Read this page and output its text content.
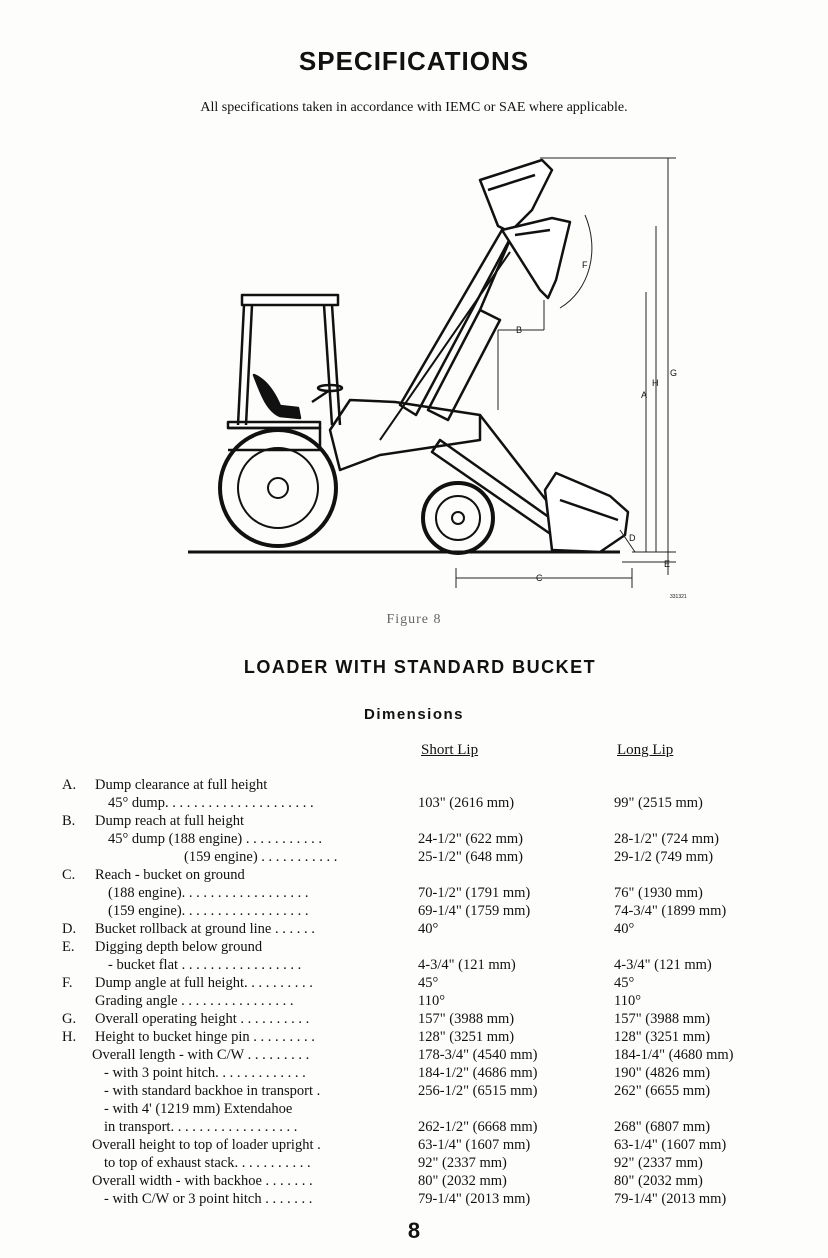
SPECIFICATIONS
All specifications taken in accordance with IEMC or SAE where applicable.
A
B
C
D
E
F
G
H
331321
Figure 8
LOADER WITH STANDARD BUCKET
Dimensions
Short Lip	Long Lip
A. Dump clearance at full height
45° dump. . . . . . . . . . . . . . . . . . . . .	103" (2616 mm)	99" (2515 mm)
B. Dump reach at full height
45° dump (188 engine) . . . . . . . . . . .	24-1/2" (622 mm)	28-1/2" (724 mm)
(159 engine) . . . . . . . . . . .	25-1/2" (648 mm)	29-1/2 (749 mm)
C. Reach - bucket on ground
(188 engine). . . . . . . . . . . . . . . . . .	70-1/2" (1791 mm)	76" (1930 mm)
(159 engine). . . . . . . . . . . . . . . . . .	69-1/4" (1759 mm)	74-3/4" (1899 mm)
D. Bucket rollback at ground line . . . . . .	40°	40°
E. Digging depth below ground
- bucket flat . . . . . . . . . . . . . . . . .	4-3/4" (121 mm)	4-3/4" (121 mm)
F. Dump angle at full height. . . . . . . . . .	45°	45°
Grading angle . . . . . . . . . . . . . . . .	110°	110°
G. Overall operating height . . . . . . . . . .	157" (3988 mm)	157" (3988 mm)
H. Height to bucket hinge pin . . . . . . . . .	128" (3251 mm)	128" (3251 mm)
Overall length - with C/W . . . . . . . . .	178-3/4" (4540 mm)	184-1/4" (4680 mm)
- with 3 point hitch. . . . . . . . . . . . .	184-1/2" (4686 mm)	190" (4826 mm)
- with standard backhoe in transport .	256-1/2" (6515 mm)	262" (6655 mm)
- with 4' (1219 mm) Extendahoe
in transport. . . . . . . . . . . . . . . . . .	262-1/2" (6668 mm)	268" (6807 mm)
Overall height to top of loader upright .	63-1/4" (1607 mm)	63-1/4" (1607 mm)
to top of exhaust stack. . . . . . . . . . .	92" (2337 mm)	92" (2337 mm)
Overall width - with backhoe . . . . . . .	80" (2032 mm)	80" (2032 mm)
- with C/W or 3 point hitch . . . . . . .	79-1/4" (2013 mm)	79-1/4" (2013 mm)
8
